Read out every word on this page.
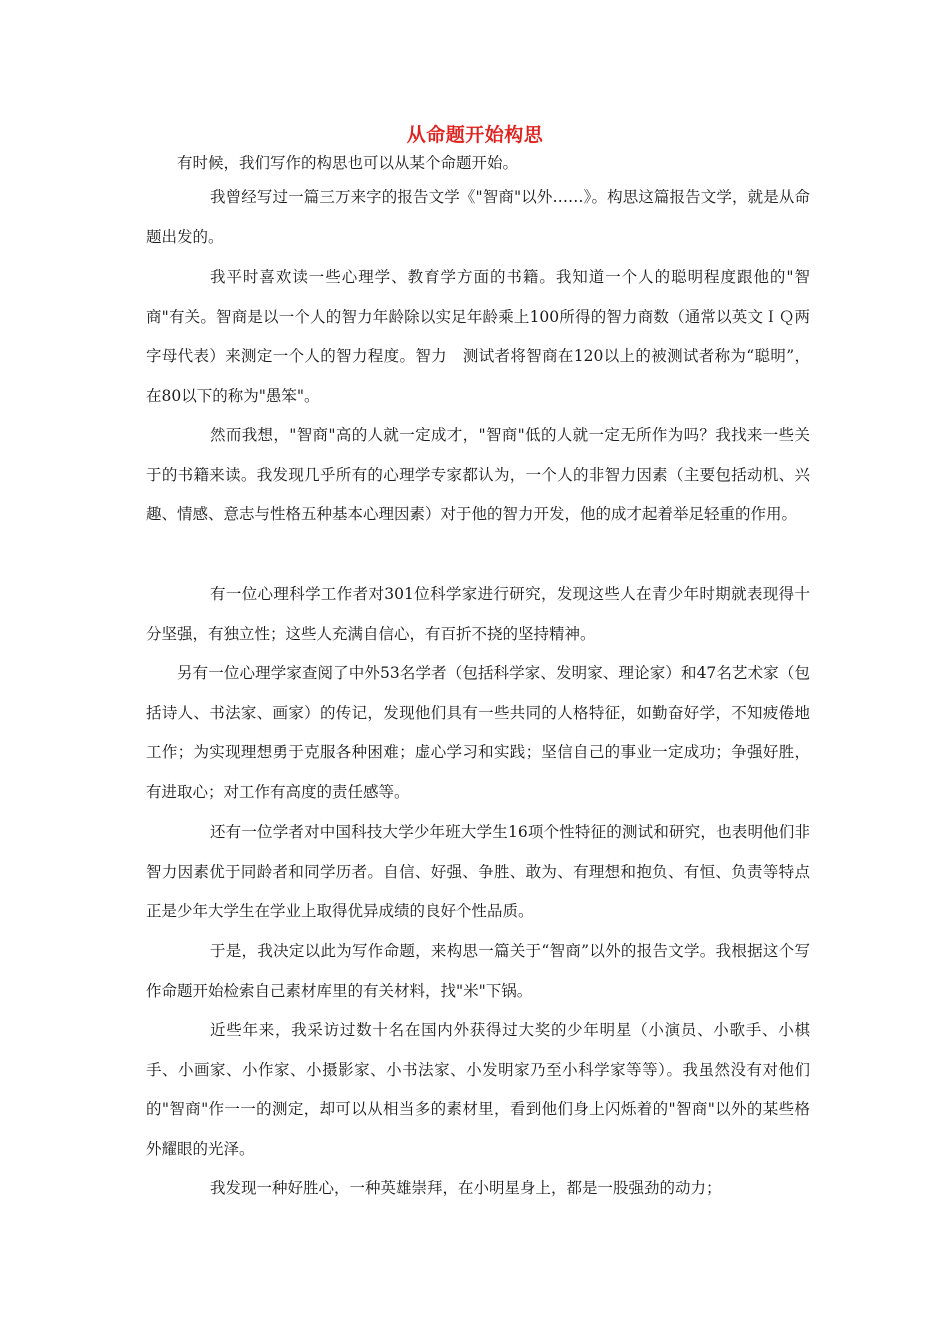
从命题开始构思

有时候，我们写作的构思也可以从某个命题开始。

我曾经写过一篇三万来字的报告文学《"智商"以外……》。构思这篇报告文学，就是从命题出发的。

我平时喜欢读一些心理学、教育学方面的书籍。我知道一个人的聪明程度跟他的"智商"有关。智商是以一个人的智力年龄除以实足年龄乘上100所得的智力商数（通常以英文ＩＱ两字母代表）来测定一个人的智力程度。智力　测试者将智商在120以上的被测试者称为“聪明”，在80以下的称为"愚笨"。

然而我想，"智商"高的人就一定成才，"智商"低的人就一定无所作为吗？我找来一些关于的书籍来读。我发现几乎所有的心理学专家都认为，一个人的非智力因素（主要包括动机、兴趣、情感、意志与性格五种基本心理因素）对于他的智力开发，他的成才起着举足轻重的作用。

有一位心理科学工作者对301位科学家进行研究，发现这些人在青少年时期就表现得十分坚强，有独立性；这些人充满自信心，有百折不挠的坚持精神。

另有一位心理学家查阅了中外53名学者（包括科学家、发明家、理论家）和47名艺术家（包括诗人、书法家、画家）的传记，发现他们具有一些共同的人格特征，如勤奋好学，不知疲倦地工作；为实现理想勇于克服各种困难；虚心学习和实践；坚信自己的事业一定成功；争强好胜，有进取心；对工作有高度的责任感等。

还有一位学者对中国科技大学少年班大学生16项个性特征的测试和研究，也表明他们非智力因素优于同龄者和同学历者。自信、好强、争胜、敢为、有理想和抱负、有恒、负责等特点正是少年大学生在学业上取得优异成绩的良好个性品质。

于是，我决定以此为写作命题，来构思一篇关于“智商”以外的报告文学。我根据这个写作命题开始检索自己素材库里的有关材料，找"米"下锅。

近些年来，我采访过数十名在国内外获得过大奖的少年明星（小演员、小歌手、小棋手、小画家、小作家、小摄影家、小书法家、小发明家乃至小科学家等等）。我虽然没有对他们的"智商"作一一的测定，却可以从相当多的素材里，看到他们身上闪烁着的"智商"以外的某些格外耀眼的光泽。

我发现一种好胜心，一种英雄崇拜，在小明星身上，都是一股强劲的动力；
